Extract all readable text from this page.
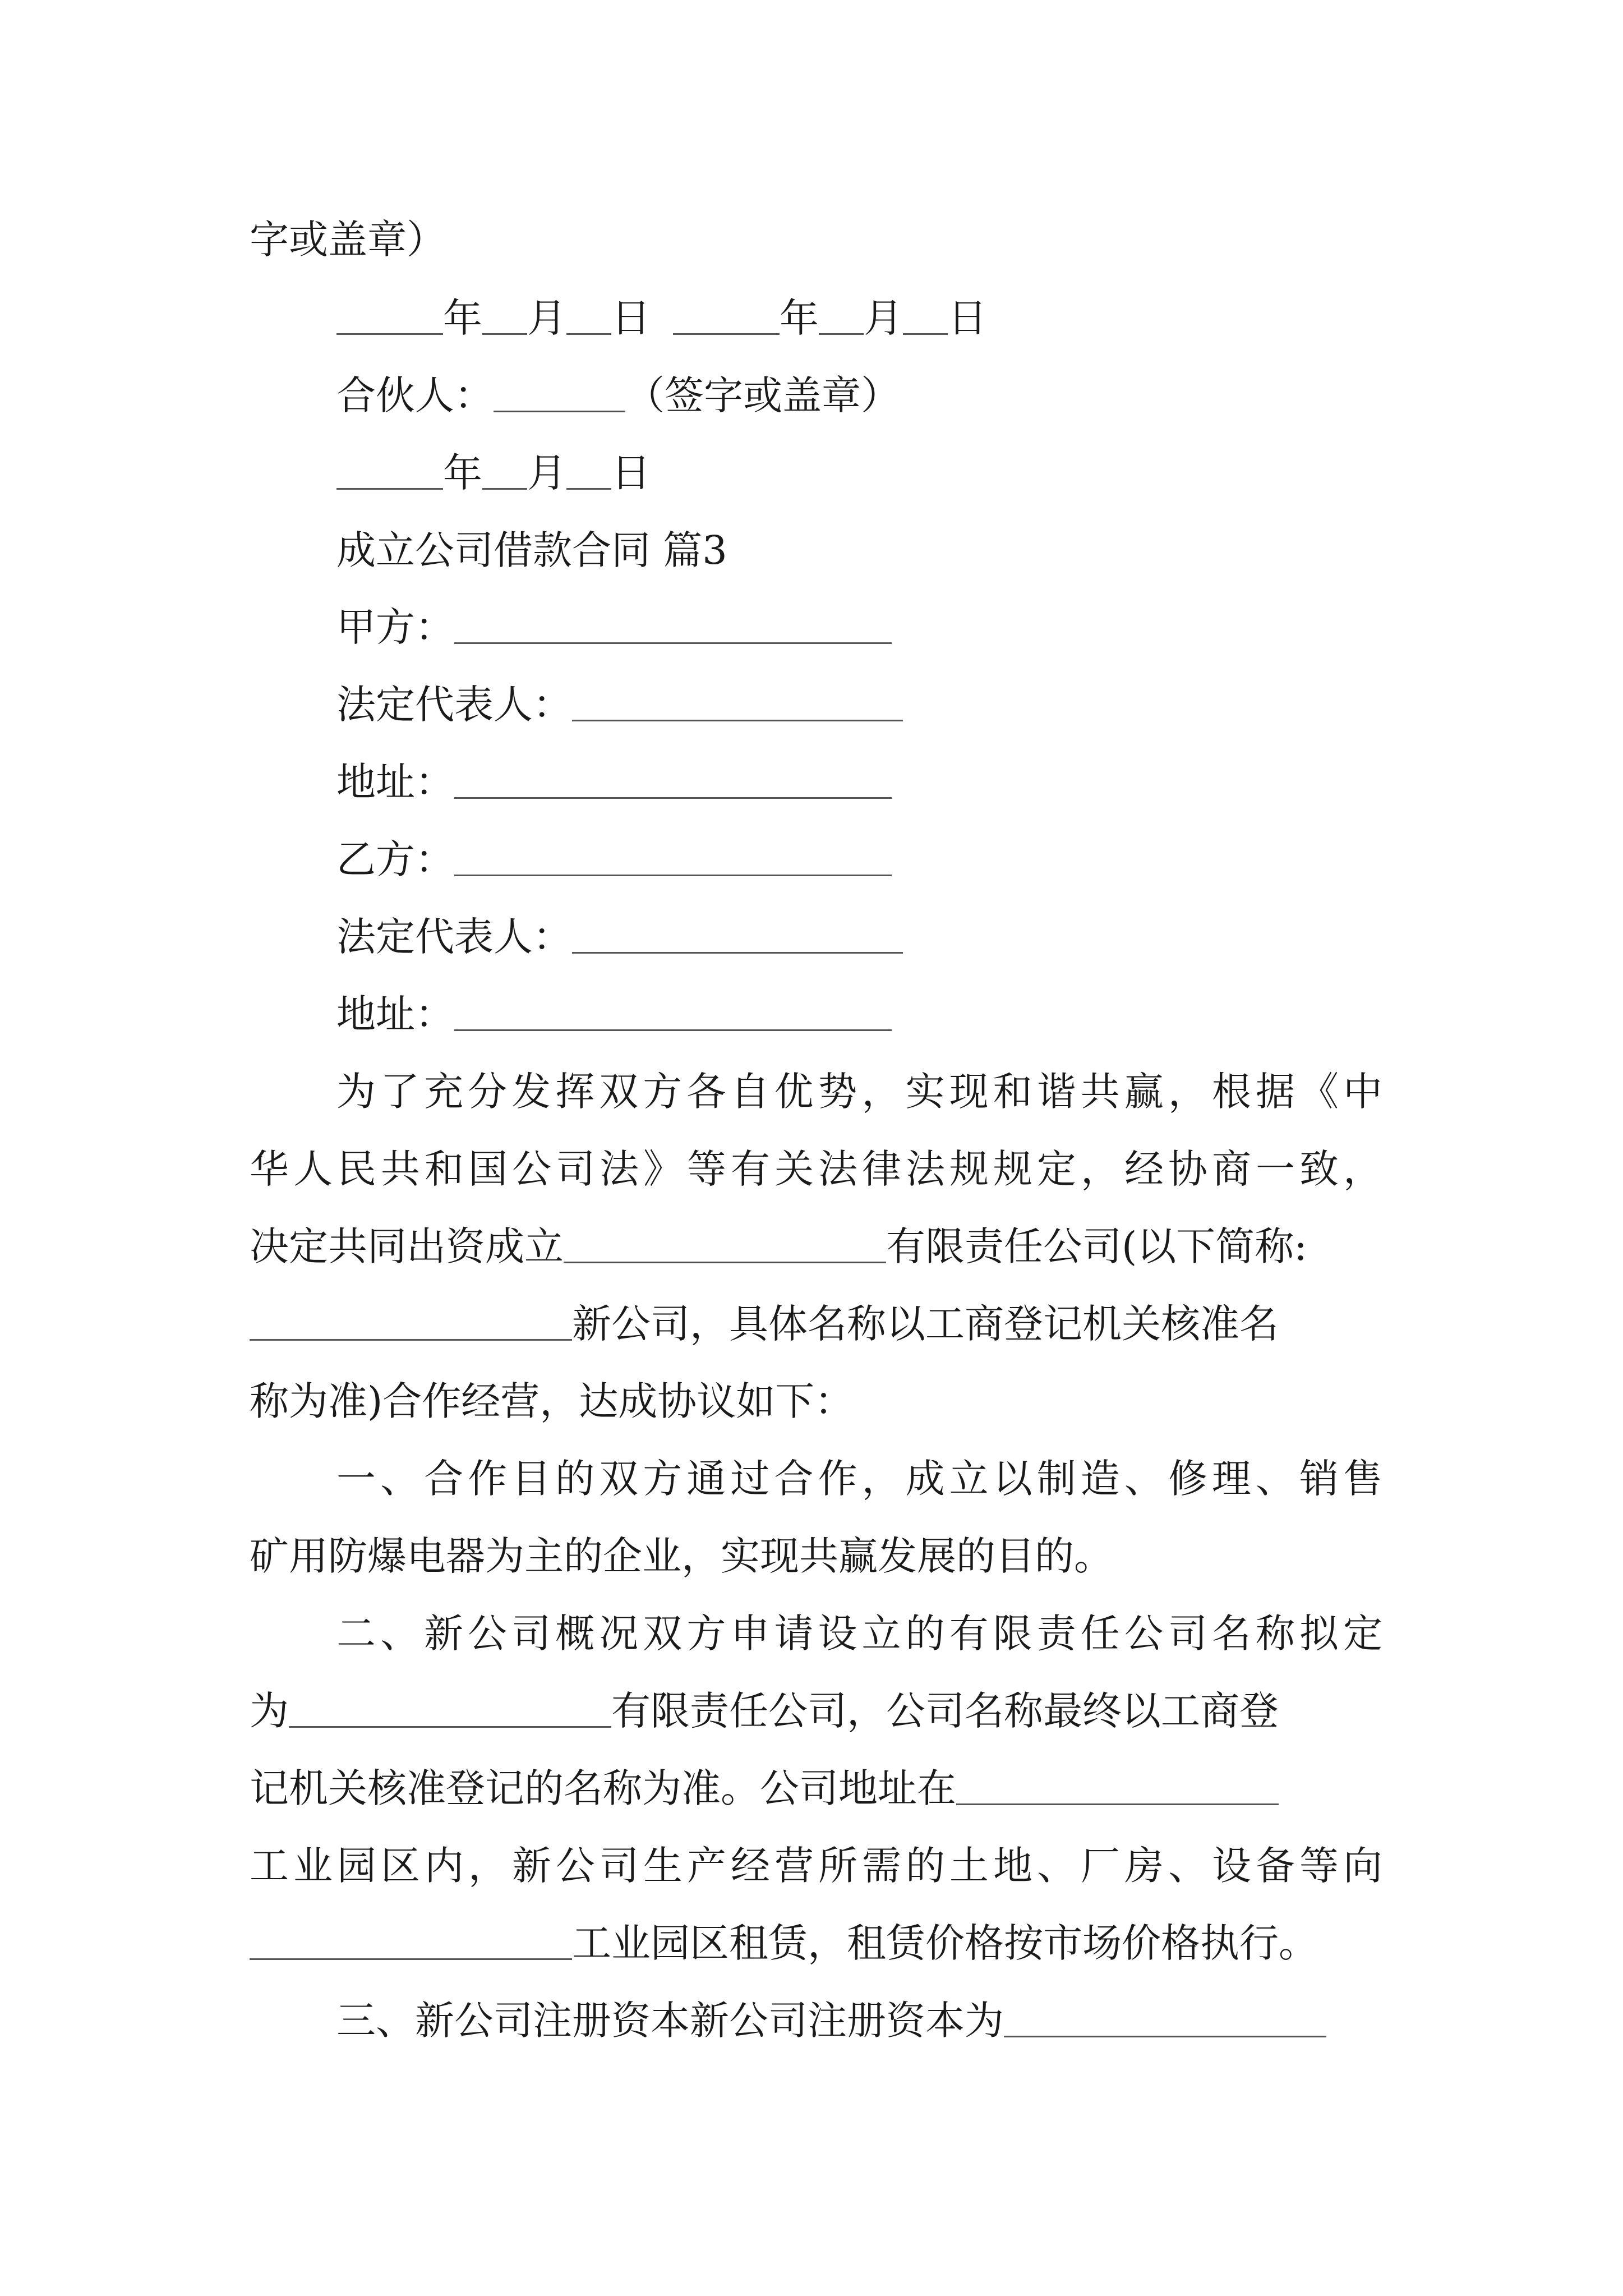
字或盖章）
年 月 日	年 月 日
合伙人：	（签字或盖章）
年 月 日
成立公司借款合同 篇3
甲方：
法定代表人：
地址：
乙方：
法定代表人：
地址：
为了充分发挥双方各自优势，实现和谐共赢，根据《中
华人民共和国公司法》等有关法律法规规定，经协商一致，
决定共同出资成立	有限责任公司(以下简称:
新公司，具体名称以工商登记机关核准名
称为准)合作经营，达成协议如下：
一、合作目的双方通过合作，成立以制造、修理、销售
矿用防爆电器为主的企业，实现共赢发展的目的。
二、新公司概况双方申请设立的有限责任公司名称拟定
为	有限责任公司，公司名称最终以工商登
记机关核准登记的名称为准。公司地址在
工业园区内，新公司生产经营所需的土地、厂房、设备等向
工业园区租赁，租赁价格按市场价格执行。
三、新公司注册资本新公司注册资本为
